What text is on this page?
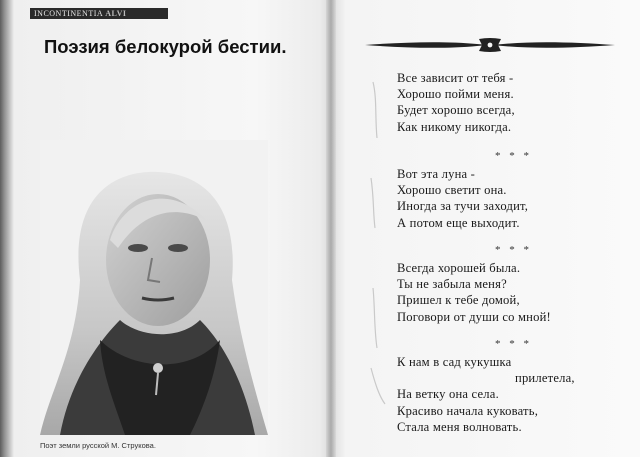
INCONTINENTIA ALVI
Поэзия белокурой бестии.
Поэт земли русской М. Струкова.
Все зависит от тебя -
Хорошо пойми меня.
Будет хорошо всегда,
Как никому никогда.
* * *
Вот эта луна -
Хорошо светит она.
Иногда за тучи заходит,
А потом еще выходит.
* * *
Всегда хорошей была.
Ты не забыла меня?
Пришел к тебе домой,
Поговори от души со мной!
* * *
К нам в сад кукушка
прилетела,
На ветку она села.
Красиво начала куковать,
Стала меня волновать.
